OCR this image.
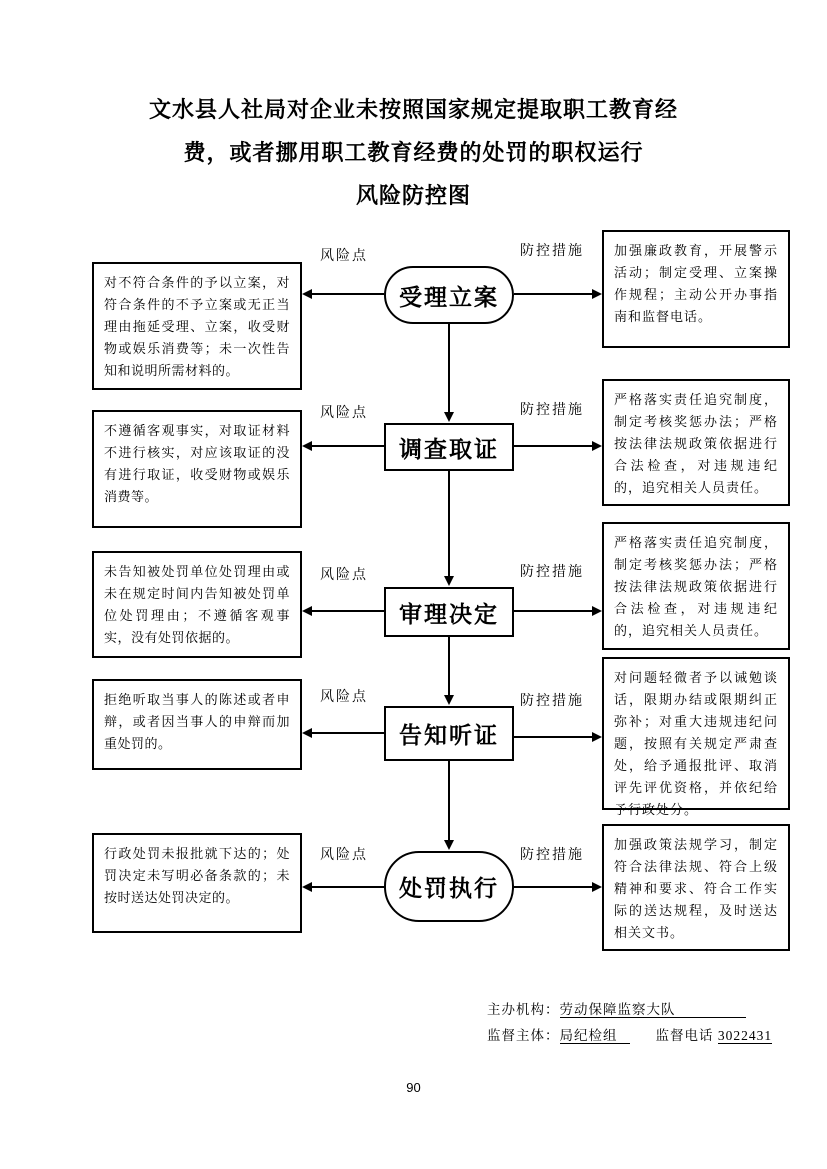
文水县人社局对企业未按照国家规定提取职工教育经
费，或者挪用职工教育经费的处罚的职权运行
风险防控图
对不符合条件的予以立案，对符合条件的不予立案或无正当理由拖延受理、立案，收受财物或娱乐消费等；未一次性告知和说明所需材料的。
风险点
受理立案
防控措施	加强廉政教育，开展警示活动；制定受理、立案操作规程；主动公开办事指南和监督电话。
不遵循客观事实，对取证材料不进行核实，对应该取证的没有进行取证，收受财物或娱乐消费等。
风险点
调查取证
防控措施
严格落实责任追究制度，制定考核奖惩办法；严格按法律法规政策依据进行合法检查，对违规违纪的，追究相关人员责任。
未告知被处罚单位处罚理由或未在规定时间内告知被处罚单位处罚理由；不遵循客观事实，没有处罚依据的。
风险点
审理决定
防控措施
严格落实责任追究制度，制定考核奖惩办法；严格按法律法规政策依据进行合法检查，对违规违纪的，追究相关人员责任。
拒绝听取当事人的陈述或者申辩，或者因当事人的申辩而加重处罚的。
风险点
告知听证
防控措施
对问题轻微者予以诫勉谈话，限期办结或限期纠正弥补；对重大违规违纪问题，按照有关规定严肃查处，给予通报批评、取消评先评优资格，并依纪给予行政处分。
行政处罚未报批就下达的；处罚决定未写明必备条款的；未按时送达处罚决定的。
风险点
处罚执行
防控措施
加强政策法规学习，制定符合法律法规、符合上级精神和要求、符合工作实际的送达规程，及时送达相关文书。
主办机构：劳动保障监察大队
监督主体：局纪检组	监督电话 3022431
90
